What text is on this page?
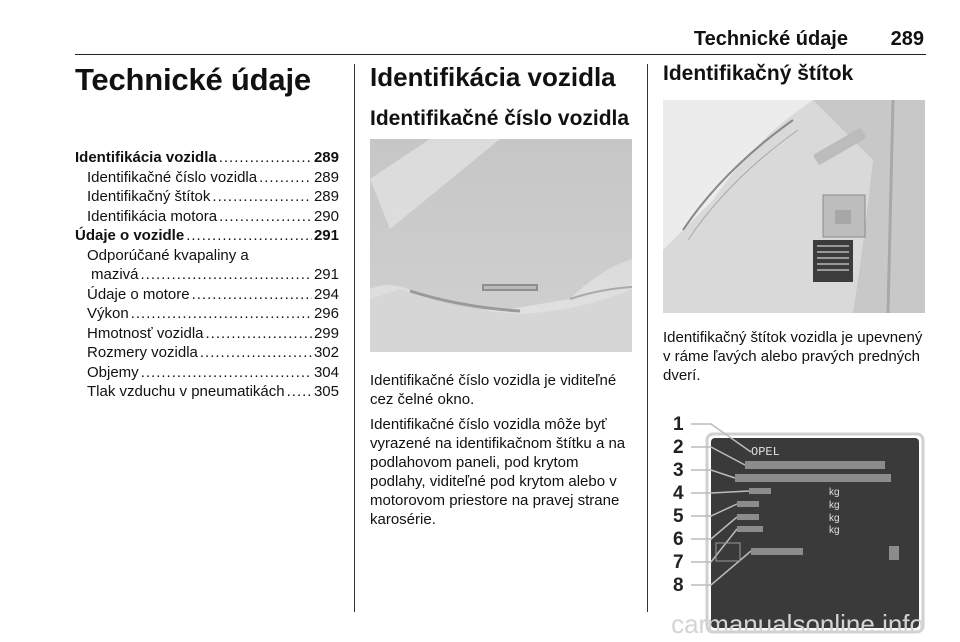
Technické údaje 289
Technické údaje
Identifikácia vozidla .....	289
Identifikačné číslo vozidla .....	289
Identifikačný štítok .....	289
Identifikácia motora .....	290
Údaje o vozidle .....	291
Odporúčané kvapaliny a
mazivá .....	291
Údaje o motore .....	294
Výkon .....	296
Hmotnosť vozidla .....	299
Rozmery vozidla .....	302
Objemy .....	304
Tlak vzduchu v pneumatikách ..... 305
Identifikácia vozidla
Identifikačné číslo vozidla

Identifikačné číslo vozidla je viditeľné cez čelné okno.

Identifikačné číslo vozidla môže byť vyrazené na identifikačnom štítku a na podlahovom paneli, pod krytom podlahy, viditeľné pod krytom alebo v motorovom priestore na pravej strane karosérie.

Identifikačný štítok

Identifikačný štítok vozidla je upevnený v ráme ľavých alebo pravých predných dverí.

1
2
3
4
5
6
7
8
OPEL
kg
kg
kg
kg
carmanualsonline.info
